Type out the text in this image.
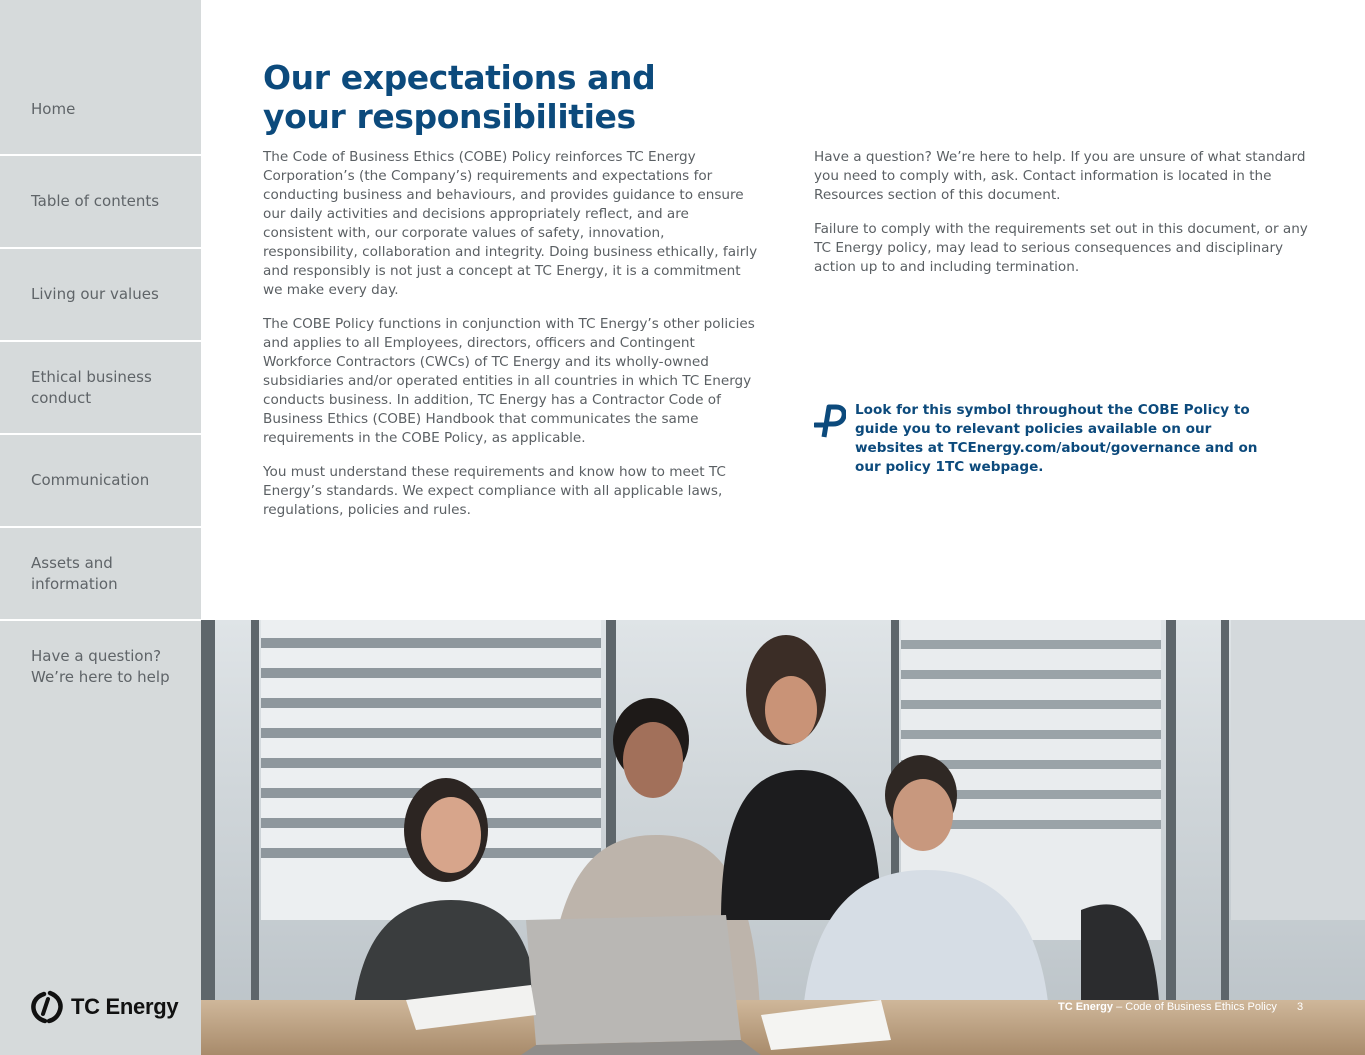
Home
Table of contents
Living our values
Ethical business conduct
Communication
Assets and information
Have a question? We’re here to help
TC Energy
Our expectations and your responsibilities

The Code of Business Ethics (COBE) Policy reinforces TC Energy Corporation’s (the Company’s) requirements and expectations for conducting business and behaviours, and provides guidance to ensure our daily activities and decisions appropriately reflect, and are consistent with, our corporate values of safety, innovation, responsibility, collaboration and integrity. Doing business ethically, fairly and responsibly is not just a concept at TC Energy, it is a commitment we make every day.

The COBE Policy functions in conjunction with TC Energy’s other policies and applies to all Employees, directors, officers and Contingent Workforce Contractors (CWCs) of TC Energy and its wholly-owned subsidiaries and/or operated entities in all countries in which TC Energy conducts business. In addition, TC Energy has a Contractor Code of Business Ethics (COBE) Handbook that communicates the same requirements in the COBE Policy, as applicable.

You must understand these requirements and know how to meet TC Energy’s standards. We expect compliance with all applicable laws, regulations, policies and rules.

Have a question? We’re here to help. If you are unsure of what standard you need to comply with, ask. Contact information is located in the Resources section of this document.

Failure to comply with the requirements set out in this document, or any TC Energy policy, may lead to serious consequences and disciplinary action up to and including termination.

Look for this symbol throughout the COBE Policy to guide you to relevant policies available on our websites at TCEnergy.com/about/governance and on our policy 1TC webpage.
TC Energy – Code of Business Ethics Policy 3
